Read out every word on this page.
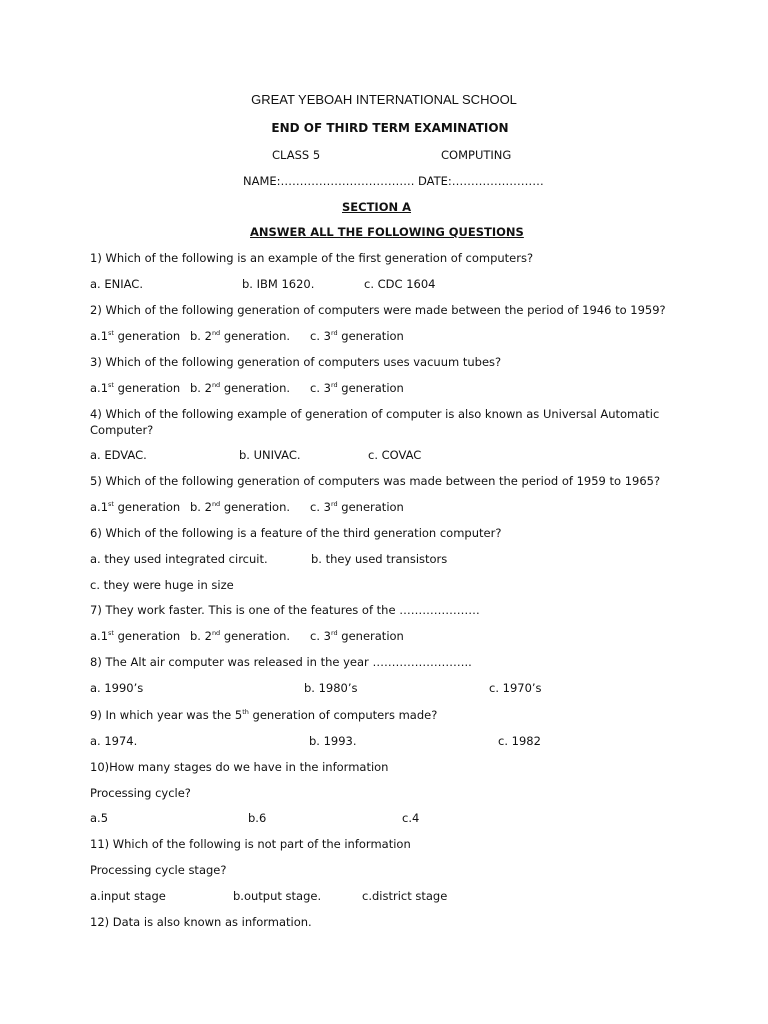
GREAT YEBOAH INTERNATIONAL SCHOOL
END OF THIRD TERM EXAMINATION
CLASS 5	COMPUTING
NAME:…………………………….. DATE:……………………
SECTION A
ANSWER ALL THE FOLLOWING QUESTIONS
1) Which of the following is an example of the first generation of computers?
a. ENIAC.	b. IBM 1620.	c. CDC 1604
2) Which of the following generation of computers were made between the period of 1946 to 1959?
a.1st generation b. 2nd generation. c. 3rd generation
3) Which of the following generation of computers uses vacuum tubes?
a.1st generation b. 2nd generation. c. 3rd generation
4) Which of the following example of generation of computer is also known as Universal Automatic Computer?
a. EDVAC.	b. UNIVAC.	c. COVAC
5) Which of the following generation of computers was made between the period of 1959 to 1965?
a.1st generation b. 2nd generation. c. 3rd generation
6) Which of the following is a feature of the third generation computer?
a. they used integrated circuit.	b. they used transistors
c. they were huge in size
7) They work faster. This is one of the features of the …………………
a.1st generation b. 2nd generation. c. 3rd generation
8) The Alt air computer was released in the year ……………………..
a. 1990’s	b. 1980’s	c. 1970’s
9) In which year was the 5th generation of computers made?
a. 1974.	b. 1993.	c. 1982
10)How many stages do we have in the information
Processing cycle?
a.5	b.6	c.4
11) Which of the following is not part of the information
Processing cycle stage?
a.input stage	b.output stage.	c.district stage
12) Data is also known as information.
